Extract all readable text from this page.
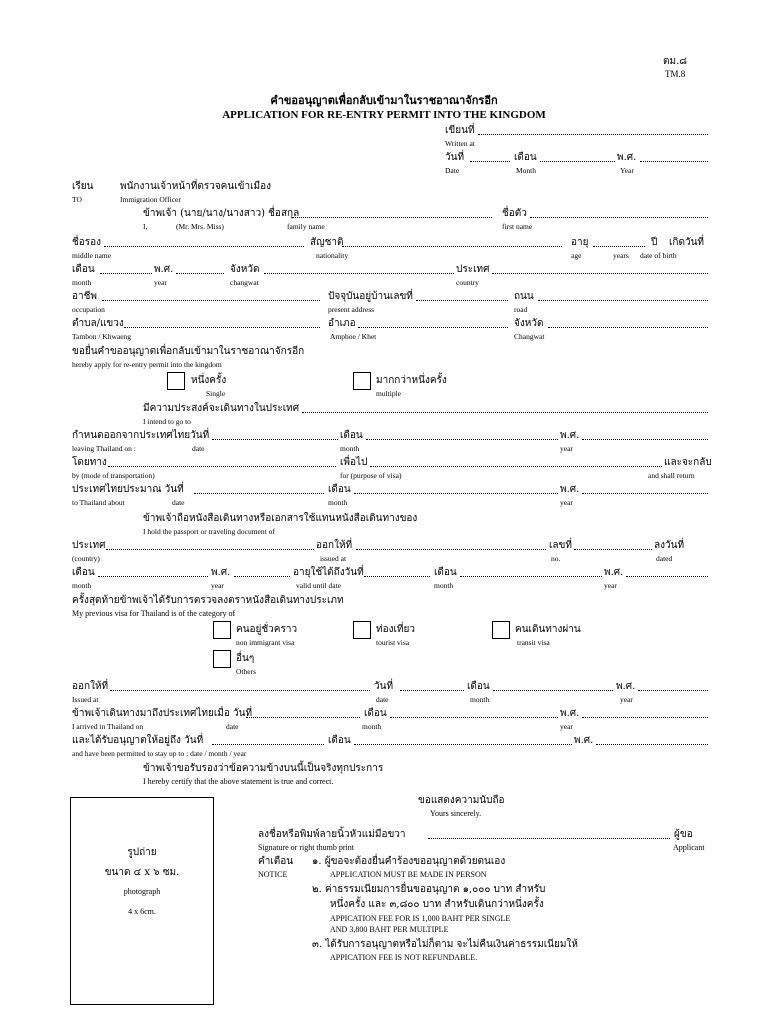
ตม.๘
TM.8
คำขออนุญาตเพื่อกลับเข้ามาในราชอาณาจักรอีก
APPLICATION FOR RE-ENTRY PERMIT INTO THE KINGDOM
เขียนที่
Written at
วันที่	เดือน	พ.ศ.
Date	Month	Year
เรียน	พนักงานเจ้าหน้าที่ตรวจคนเข้าเมือง
TO	Immigration Officer
ข้าพเจ้า (นาย/นาง/นางสาว) ชื่อสกุล	ชื่อตัว
I,	(Mr. Mrs. Miss)	family name	first name
ชื่อรอง	สัญชาติ	อายุ	ปี เกิดวันที่
middle name	nationality	age	years date of birth
เดือน	พ.ศ.	จังหวัด	ประเทศ
month	year	changwat	country
อาชีพ	ปัจจุบันอยู่บ้านเลขที่	ถนน
occupation	present address	road
ตำบล/แขวง	อำเภอ	จังหวัด
Tambon / Khwaeng	Amphoe / Khet	Changwat
ขอยื่นคำขออนุญาตเพื่อกลับเข้ามาในราชอาณาจักรอีก
hereby apply for re-entry permit into the kingdom
หนึ่งครั้ง
Single
มากกว่าหนึ่งครั้ง
multiple
มีความประสงค์จะเดินทางในประเทศ
I intend to go to
กำหนดออกจากประเทศไทยวันที่	เดือน	พ.ศ.
leaving Thailand on :	date	month	year
โดยทาง	เพื่อไป	และจะกลับ
by (mode of transportation)	for (purpose of visa)	and shall return
ประเทศไทยประมาณ วันที่	เดือน	พ.ศ.
to Thailand about	date	month	year
ข้าพเจ้าถือหนังสือเดินทางหรือเอกสารใช้แทนหนังสือเดินทางของ
I hold the passport or traveling document of
ประเทศ	ออกให้ที่	เลขที่	ลงวันที่
(country)	issued at	no.	dated
เดือน	พ.ศ.	อายุใช้ได้ถึงวันที่	เดือน	พ.ศ.
month	year	valid until date	month	year
ครั้งสุดท้ายข้าพเจ้าได้รับการตรวจลงตราหนังสือเดินทางประเภท
My previous visa for Thailand is of the category of
คนอยู่ชั่วคราว
non immigrant visa
ท่องเที่ยว
tourist visa
คนเดินทางผ่าน
transit visa
อื่นๆ
Others
ออกให้ที่	วันที่	เดือน	พ.ศ.
Issued at	date	month	year
ข้าพเจ้าเดินทางมาถึงประเทศไทยเมื่อ วันที่	เดือน	พ.ศ.
I arrived in Thailand on	date	month	year
และได้รับอนุญาตให้อยู่ถึง วันที่	เดือน	พ.ศ.
and have been permitted to stay up to : date / month / year
ข้าพเจ้าขอรับรองว่าข้อความข้างบนนี้เป็นจริงทุกประการ
I hereby certify that the above statement is true and correct.
รูปถ่าย
ขนาด ๔ x ๖ ซม.
photograph
4 x 6cm.
ขอแสดงความนับถือ
Yours sincerely.
ลงชื่อหรือพิมพ์ลายนิ้วหัวแม่มือขวา	ผู้ขอ
Signature or right thumb print	Applicant
คำเตือน
NOTICE
๑. ผู้ขอจะต้องยื่นคำร้องขออนุญาตด้วยตนเอง
APPLICATION MUST BE MADE IN PERSON
๒. ค่าธรรมเนียมการยื่นขออนุญาต ๑,๐๐๐ บาท สำหรับ
หนึ่งครั้ง และ ๓,๘๐๐ บาท สำหรับเดินกว่าหนึ่งครั้ง
APPICATION FEE FOR IS 1,000 BAHT PER SINGLE
AND 3,800 BAHT PER MULTIPLE
๓. ได้รับการอนุญาตหรือไม่ก็ตาม จะไม่คืนเงินค่าธรรมเนียมให้
APPICATION FEE IS NOT REFUNDABLE.
